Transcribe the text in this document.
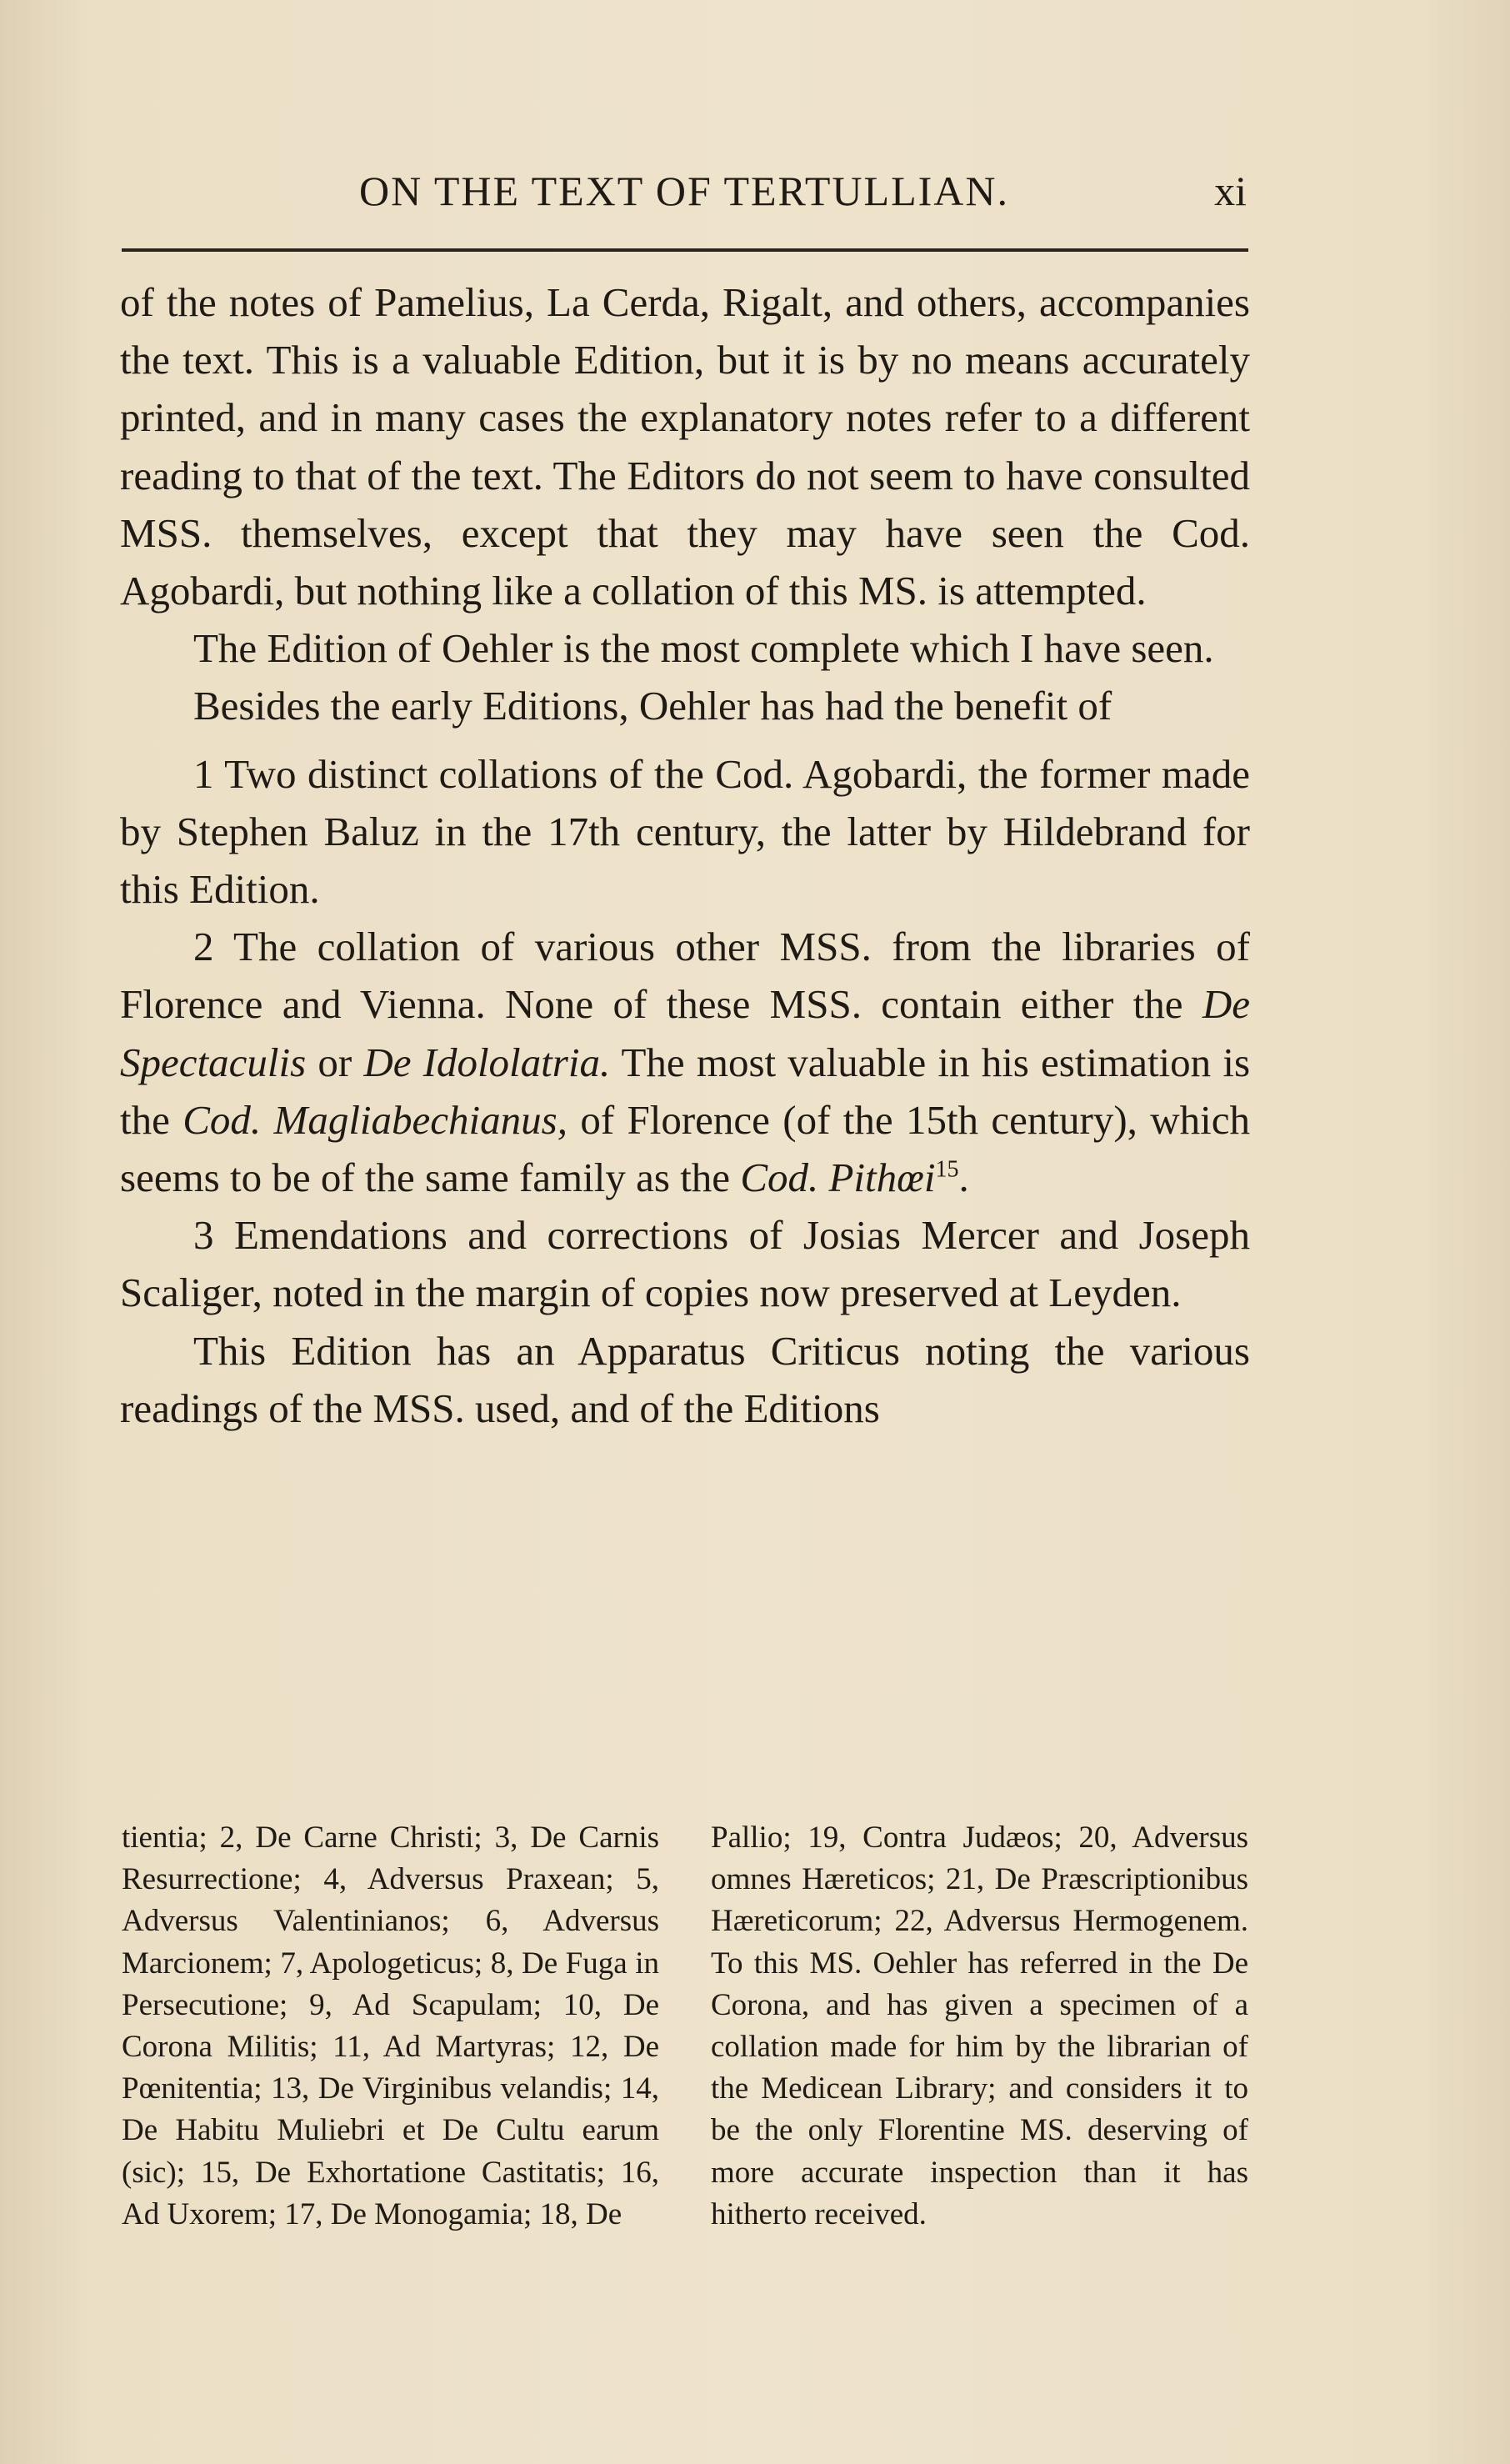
ON THE TEXT OF TERTULLIAN.	xi

of the notes of Pamelius, La Cerda, Rigalt, and others, accompanies the text. This is a valuable Edition, but it is by no means accurately printed, and in many cases the explanatory notes refer to a different reading to that of the text. The Editors do not seem to have consulted MSS. themselves, except that they may have seen the Cod. Agobardi, but nothing like a collation of this MS. is attempted.

The Edition of Oehler is the most complete which I have seen.

Besides the early Editions, Oehler has had the benefit of

1 Two distinct collations of the Cod. Agobardi, the former made by Stephen Baluz in the 17th century, the latter by Hildebrand for this Edition.

2 The collation of various other MSS. from the libraries of Florence and Vienna. None of these MSS. contain either the De Spectaculis or De Idololatria. The most valuable in his estimation is the Cod. Magliabechianus, of Florence (of the 15th century), which seems to be of the same family as the Cod. Pithœi$^{15}$.

3 Emendations and corrections of Josias Mercer and Joseph Scaliger, noted in the margin of copies now preserved at Leyden.

This Edition has an Apparatus Criticus noting the various readings of the MSS. used, and of the Editions

tientia; 2, De Carne Christi; 3, De Carnis Resurrectione; 4, Adversus Praxean; 5, Adversus Valentinianos; 6, Adversus Marcionem; 7, Apologeticus; 8, De Fuga in Persecutione; 9, Ad Scapulam; 10, De Corona Militis; 11, Ad Martyras; 12, De Pœnitentia; 13, De Virginibus velandis; 14, De Habitu Muliebri et De Cultu earum (sic); 15, De Exhortatione Castitatis; 16, Ad Uxorem; 17, De Monogamia; 18, De

Pallio; 19, Contra Judæos; 20, Adversus omnes Hæreticos; 21, De Præscriptionibus Hæreticorum; 22, Adversus Hermogenem. To this MS. Oehler has referred in the De Corona, and has given a specimen of a collation made for him by the librarian of the Medicean Library; and considers it to be the only Florentine MS. deserving of more accurate inspection than it has hitherto received.
